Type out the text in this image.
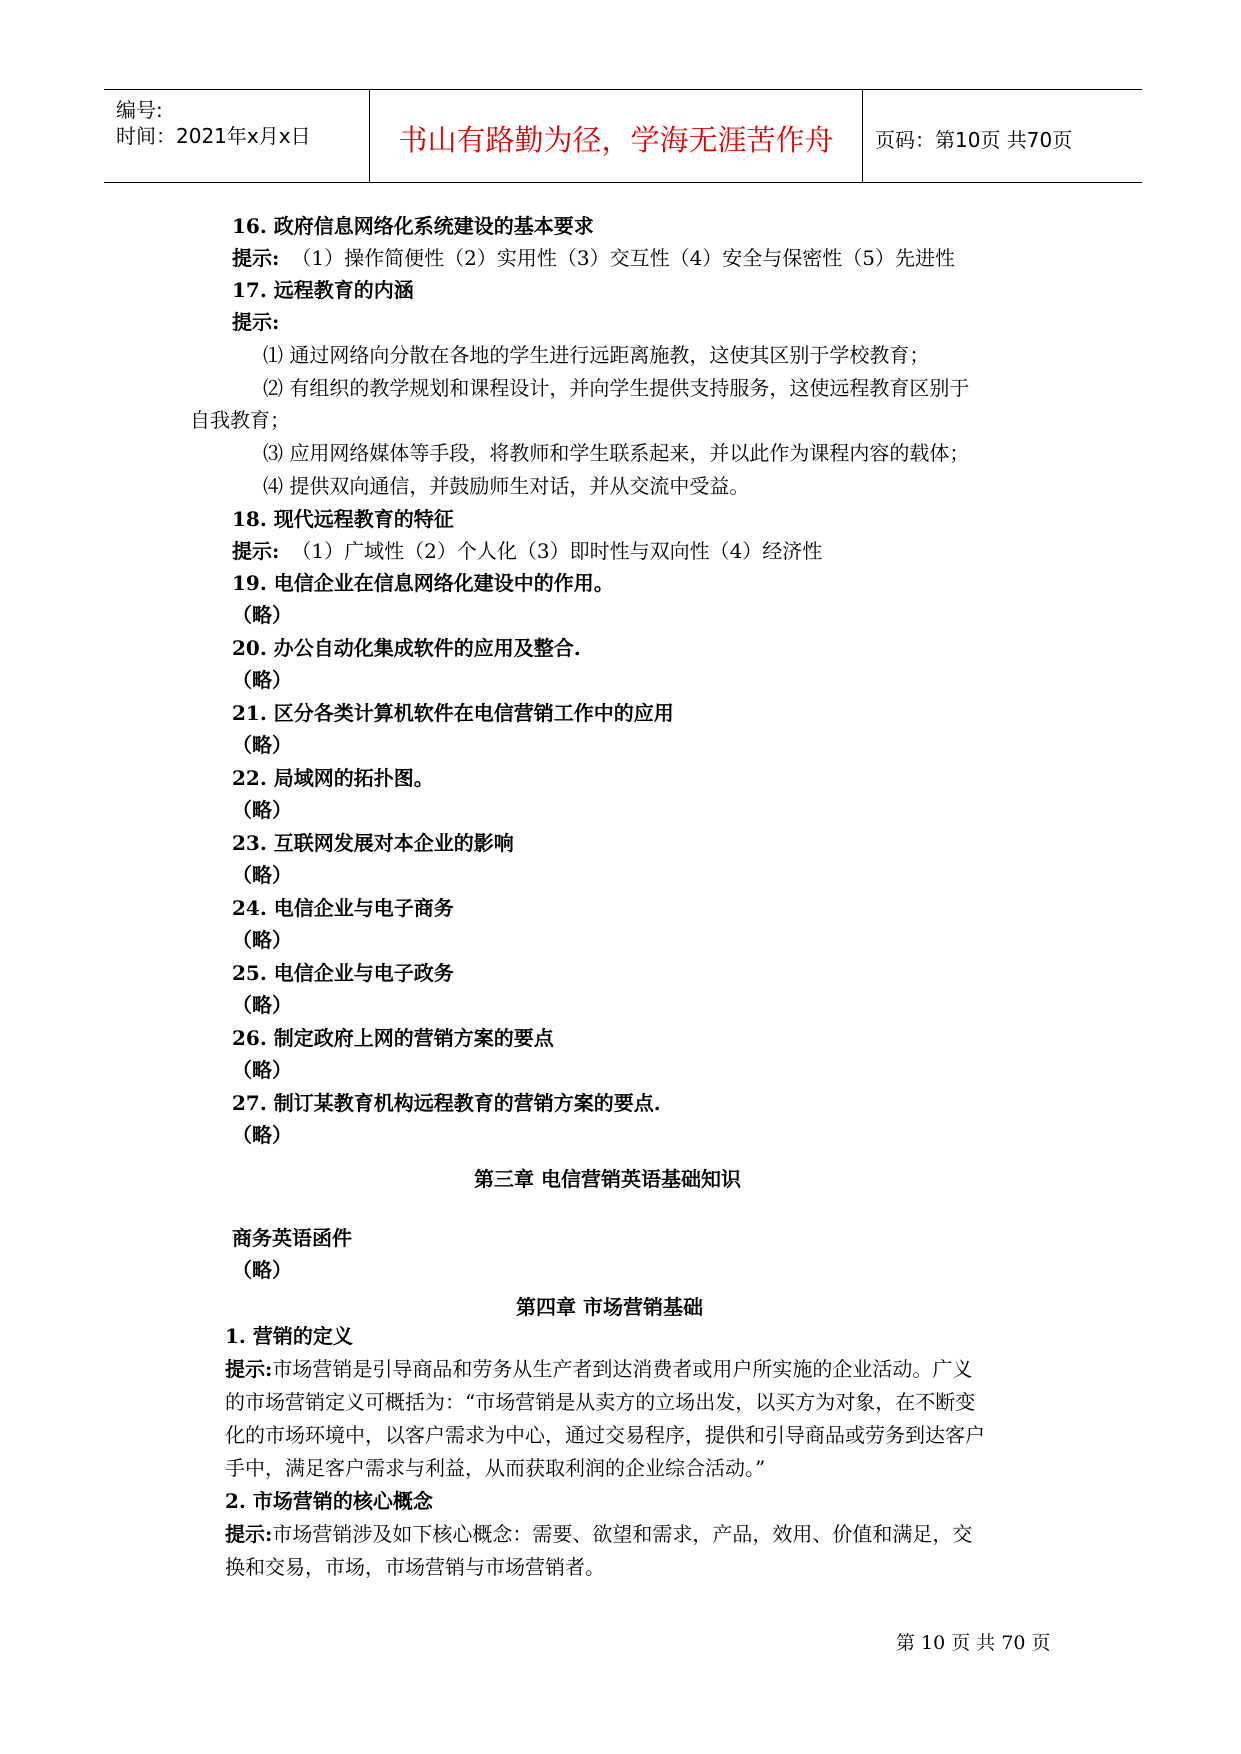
编号:
时间：2021年x月x日	书山有路勤为径，学海无涯苦作舟	页码：第10页 共70页
16. 政府信息网络化系统建设的基本要求
提示: （1）操作简便性（2）实用性（3）交互性（4）安全与保密性（5）先进性
17. 远程教育的内涵
提示:
⑴ 通过网络向分散在各地的学生进行远距离施教，这使其区别于学校教育；
⑵ 有组织的教学规划和课程设计，并向学生提供支持服务，这使远程教育区别于
自我教育；
⑶ 应用网络媒体等手段，将教师和学生联系起来，并以此作为课程内容的载体；
⑷ 提供双向通信，并鼓励师生对话，并从交流中受益。
18. 现代远程教育的特征
提示: （1）广域性（2）个人化（3）即时性与双向性（4）经济性
19. 电信企业在信息网络化建设中的作用。
（略）
20. 办公自动化集成软件的应用及整合.
（略）
21. 区分各类计算机软件在电信营销工作中的应用
（略）
22. 局域网的拓扑图。
（略）
23. 互联网发展对本企业的影响
（略）
24. 电信企业与电子商务
（略）
25. 电信企业与电子政务
（略）
26. 制定政府上网的营销方案的要点
（略）
27. 制订某教育机构远程教育的营销方案的要点.
（略）
第三章 电信营销英语基础知识
商务英语函件
（略）
第四章 市场营销基础
1. 营销的定义
提示:市场营销是引导商品和劳务从生产者到达消费者或用户所实施的企业活动。广义
的市场营销定义可概括为：“市场营销是从卖方的立场出发，以买方为对象，在不断变
化的市场环境中，以客户需求为中心，通过交易程序，提供和引导商品或劳务到达客户
手中，满足客户需求与利益，从而获取利润的企业综合活动。”
2. 市场营销的核心概念
提示:市场营销涉及如下核心概念：需要、欲望和需求，产品，效用、价值和满足，交
换和交易，市场，市场营销与市场营销者。
第 10 页 共 70 页
